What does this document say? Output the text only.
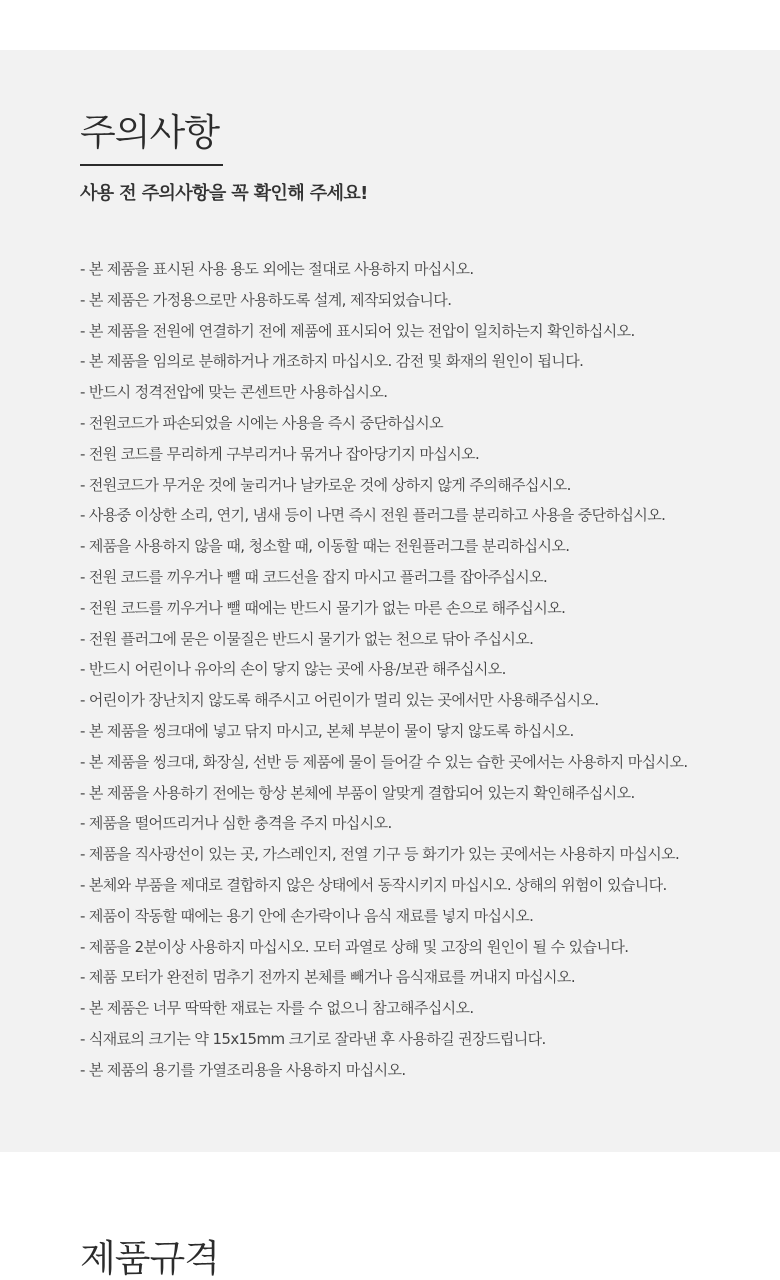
주의사항

사용 전 주의사항을 꼭 확인해 주세요!

- 본 제품을 표시된 사용 용도 외에는 절대로 사용하지 마십시오.
- 본 제품은 가정용으로만 사용하도록 설계, 제작되었습니다.
- 본 제품을 전원에 연결하기 전에 제품에 표시되어 있는 전압이 일치하는지 확인하십시오.
- 본 제품을 임의로 분해하거나 개조하지 마십시오. 감전 및 화재의 원인이 됩니다.
- 반드시 정격전압에 맞는 콘센트만 사용하십시오.
- 전원코드가 파손되었을 시에는 사용을 즉시 중단하십시오
- 전원 코드를 무리하게 구부리거나 묶거나 잡아당기지 마십시오.
- 전원코드가 무거운 것에 눌리거나 날카로운 것에 상하지 않게 주의해주십시오.
- 사용중 이상한 소리, 연기, 냄새 등이 나면 즉시 전원 플러그를 분리하고 사용을 중단하십시오.
- 제품을 사용하지 않을 때, 청소할 때, 이동할 때는 전원플러그를 분리하십시오.
- 전원 코드를 끼우거나 뺄 때 코드선을 잡지 마시고 플러그를 잡아주십시오.
- 전원 코드를 끼우거나 뺄 때에는 반드시 물기가 없는 마른 손으로 해주십시오.
- 전원 플러그에 묻은 이물질은 반드시 물기가 없는 천으로 닦아 주십시오.
- 반드시 어린이나 유아의 손이 닿지 않는 곳에 사용/보관 해주십시오.
- 어린이가 장난치지 않도록 해주시고 어린이가 멀리 있는 곳에서만 사용해주십시오.
- 본 제품을 씽크대에 넣고 닦지 마시고, 본체 부분이 물이 닿지 않도록 하십시오.
- 본 제품을 씽크대, 화장실, 선반 등 제품에 물이 들어갈 수 있는 습한 곳에서는 사용하지 마십시오.
- 본 제품을 사용하기 전에는 항상 본체에 부품이 알맞게 결합되어 있는지 확인해주십시오.
- 제품을 떨어뜨리거나 심한 충격을 주지 마십시오.
- 제품을 직사광선이 있는 곳, 가스레인지, 전열 기구 등 화기가 있는 곳에서는 사용하지 마십시오.
- 본체와 부품을 제대로 결합하지 않은 상태에서 동작시키지 마십시오. 상해의 위험이 있습니다.
- 제품이 작동할 때에는 용기 안에 손가락이나 음식 재료를 넣지 마십시오.
- 제품을 2분이상 사용하지 마십시오. 모터 과열로 상해 및 고장의 원인이 될 수 있습니다.
- 제품 모터가 완전히 멈추기 전까지 본체를 빼거나 음식재료를 꺼내지 마십시오.
- 본 제품은 너무 딱딱한 재료는 자를 수 없으니 참고해주십시오.
- 식재료의 크기는 약 15x15mm 크기로 잘라낸 후 사용하길 권장드립니다.
- 본 제품의 용기를 가열조리용을 사용하지 마십시오.
제품규격
